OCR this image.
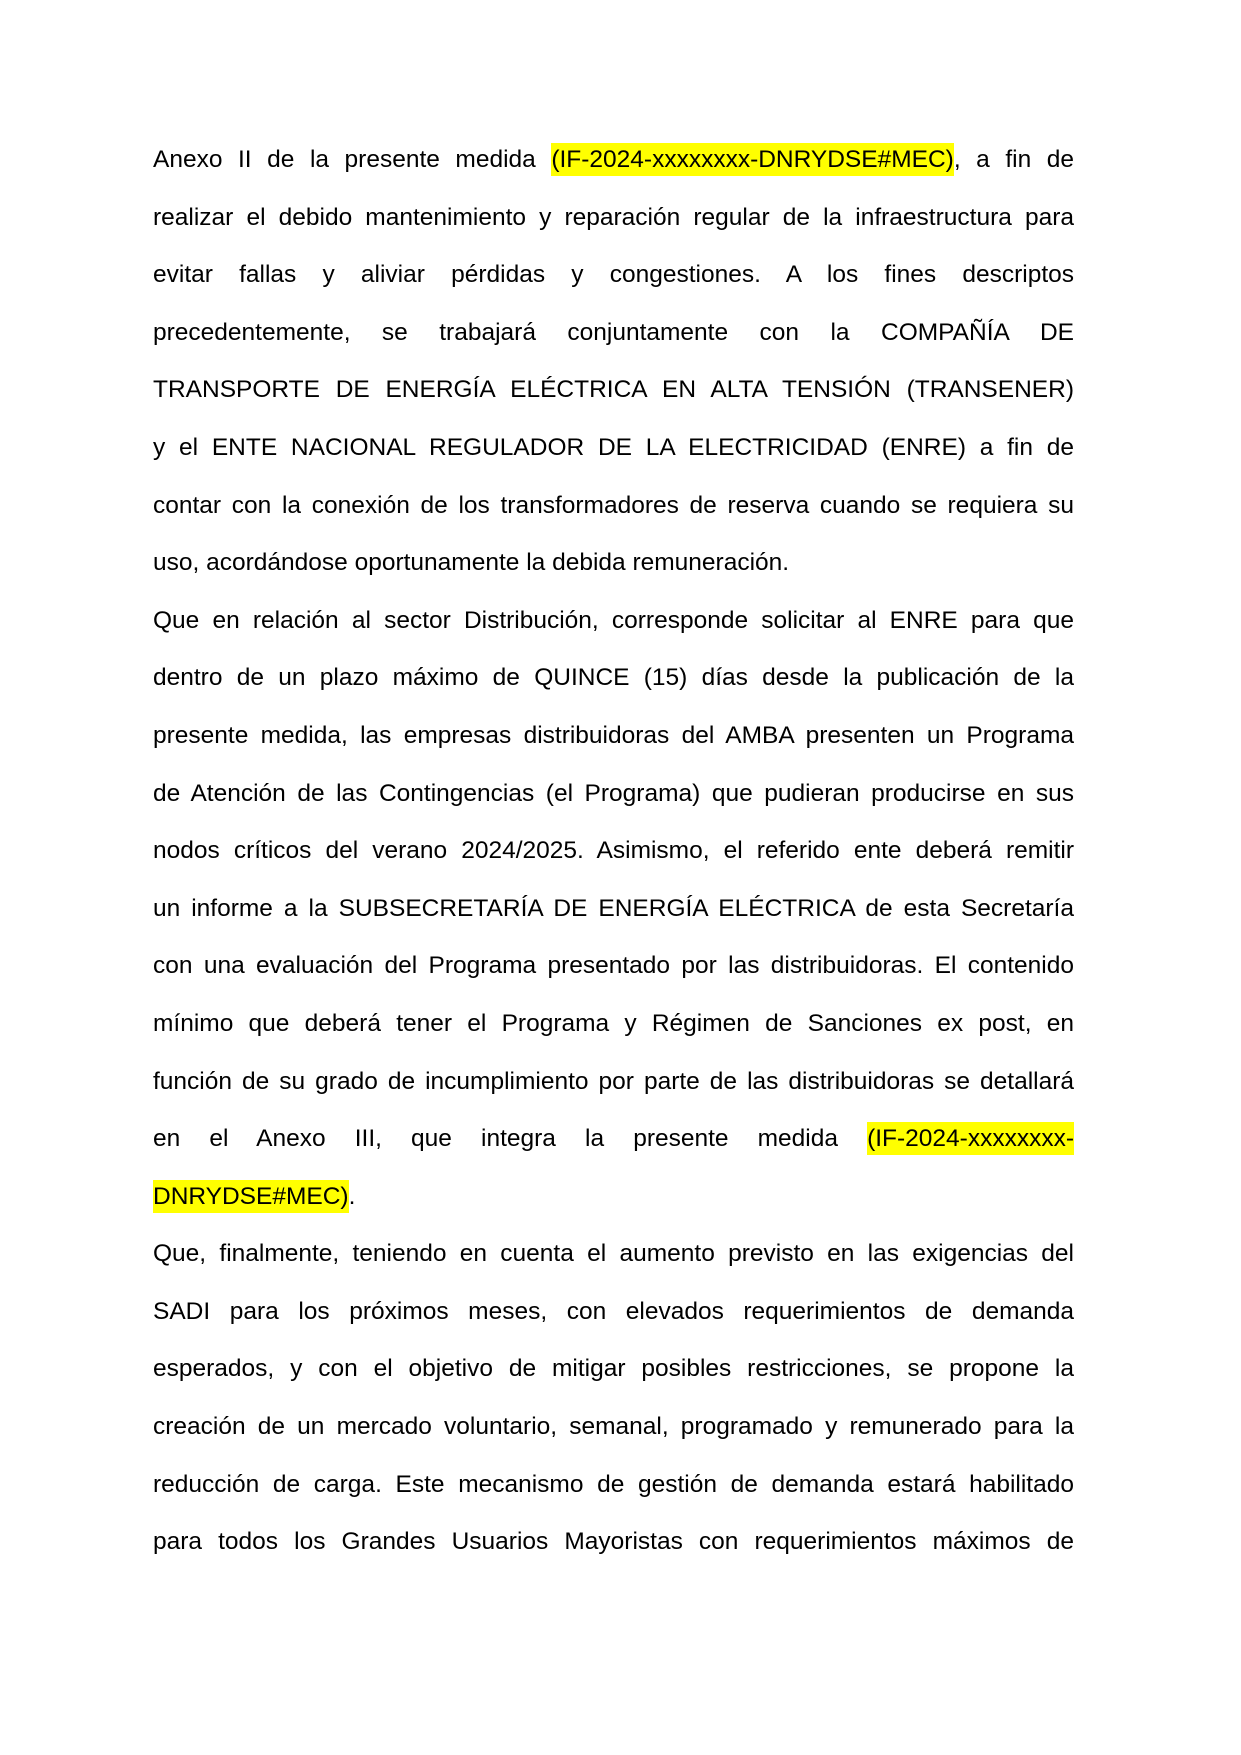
Anexo II de la presente medida (IF-2024-xxxxxxxx-DNRYDSE#MEC), a fin de
realizar el debido mantenimiento y reparación regular de la infraestructura para
evitar fallas y aliviar pérdidas y congestiones. A los fines descriptos
precedentemente, se trabajará conjuntamente con la COMPAÑÍA DE
TRANSPORTE DE ENERGÍA ELÉCTRICA EN ALTA TENSIÓN (TRANSENER)
y el ENTE NACIONAL REGULADOR DE LA ELECTRICIDAD (ENRE) a fin de
contar con la conexión de los transformadores de reserva cuando se requiera su
uso, acordándose oportunamente la debida remuneración.
Que en relación al sector Distribución, corresponde solicitar al ENRE para que
dentro de un plazo máximo de QUINCE (15) días desde la publicación de la
presente medida, las empresas distribuidoras del AMBA presenten un Programa
de Atención de las Contingencias (el Programa) que pudieran producirse en sus
nodos críticos del verano 2024/2025. Asimismo, el referido ente deberá remitir
un informe a la SUBSECRETARÍA DE ENERGÍA ELÉCTRICA de esta Secretaría
con una evaluación del Programa presentado por las distribuidoras. El contenido
mínimo que deberá tener el Programa y Régimen de Sanciones ex post, en
función de su grado de incumplimiento por parte de las distribuidoras se detallará
en el Anexo III, que integra la presente medida (IF-2024-xxxxxxxx-
DNRYDSE#MEC).
Que, finalmente, teniendo en cuenta el aumento previsto en las exigencias del
SADI para los próximos meses, con elevados requerimientos de demanda
esperados, y con el objetivo de mitigar posibles restricciones, se propone la
creación de un mercado voluntario, semanal, programado y remunerado para la
reducción de carga. Este mecanismo de gestión de demanda estará habilitado
para todos los Grandes Usuarios Mayoristas con requerimientos máximos de
